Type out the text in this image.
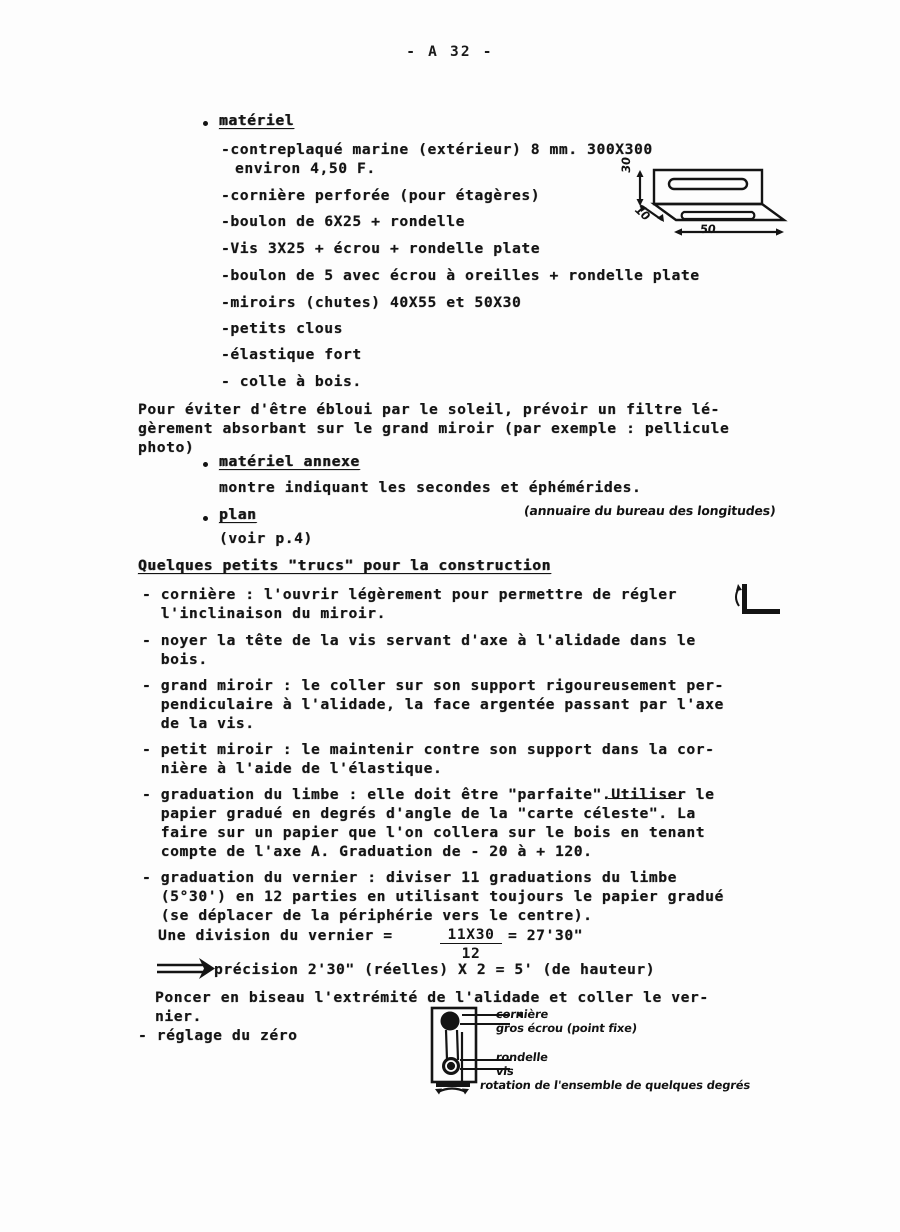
- A 32 -
matériel
-contreplaqué marine (extérieur) 8 mm. 300X300
environ 4,50 F.
-cornière perforée (pour étagères)
-boulon de 6X25 + rondelle
-Vis 3X25 + écrou + rondelle plate
-boulon de 5 avec écrou à oreilles + rondelle plate
-miroirs (chutes) 40X55 et 50X30
-petits clous
-élastique fort
- colle à bois.
30
10
50
Pour éviter d'être ébloui par le soleil, prévoir un filtre lé-
gèrement absorbant sur le grand miroir (par exemple : pellicule
photo)
matériel annexe
montre indiquant les secondes et éphémérides.
plan	(annuaire du bureau des longitudes)
(voir p.4)
Quelques petits "trucs" pour la construction
- cornière : l'ouvrir légèrement pour permettre de régler
l'inclinaison du miroir.
- noyer la tête de la vis servant d'axe à l'alidade dans le
bois.
- grand miroir : le coller sur son support rigoureusement per-
pendiculaire à l'alidade, la face argentée passant par l'axe
de la vis.
- petit miroir : le maintenir contre son support dans la cor-
nière à l'aide de l'élastique.
- graduation du limbe : elle doit être "parfaite".Utiliser le
papier gradué en degrés d'angle de la "carte céleste". La
faire sur un papier que l'on collera sur le bois en tenant
compte de l'axe A. Graduation de - 20 à + 120.
- graduation du vernier : diviser 11 graduations du limbe
(5°30') en 12 parties en utilisant toujours le papier gradué
(se déplacer de la périphérie vers le centre).
Une division du vernier =	11X30
12
= 27'30"
précision 2'30" (réelles) X 2 = 5' (de hauteur)
Poncer en biseau l'extrémité de l'alidade et coller le ver-
nier.
- réglage du zéro
cornière
gros écrou (point fixe)
rondelle
vis
rotation de l'ensemble de quelques degrés
